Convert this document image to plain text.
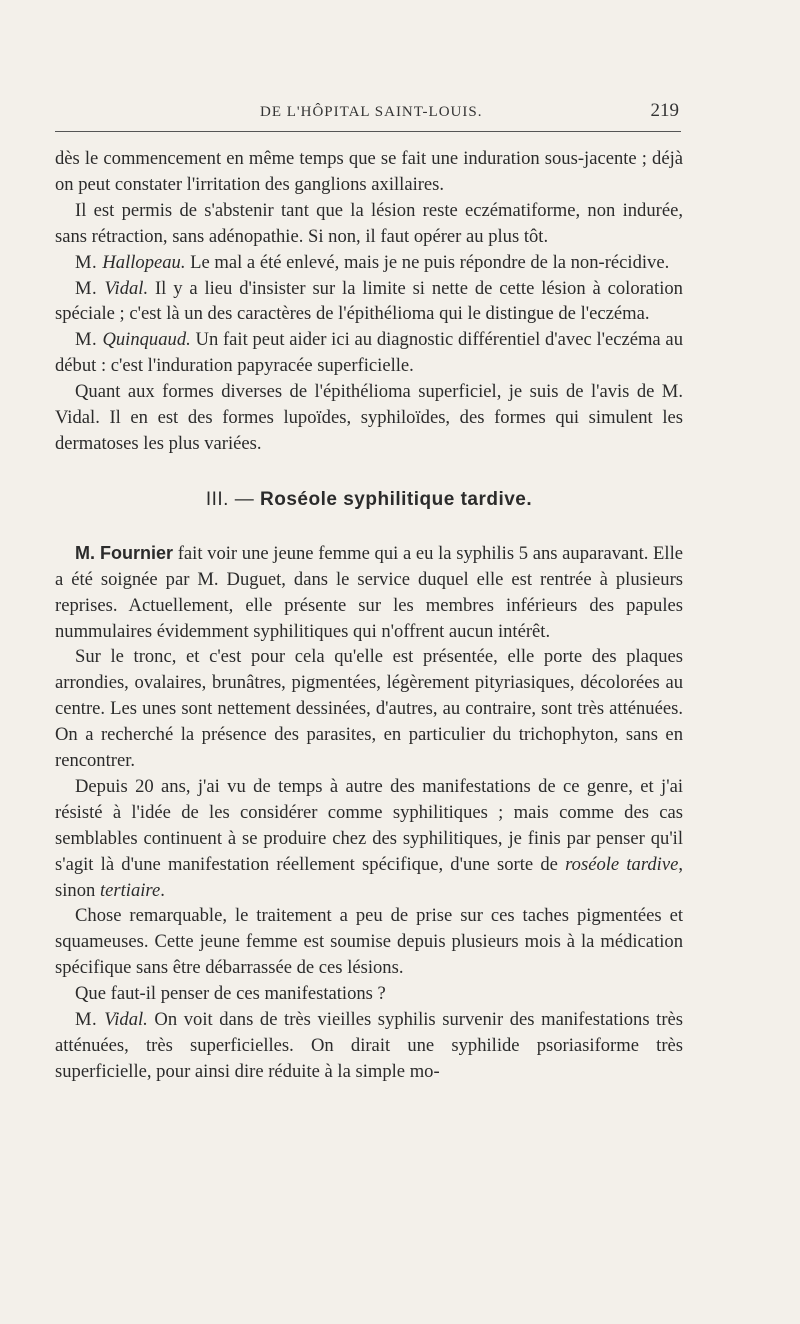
DE L'HÔPITAL SAINT-LOUIS.	219

dès le commencement en même temps que se fait une induration sous-jacente ; déjà on peut constater l'irritation des ganglions axillaires.

Il est permis de s'abstenir tant que la lésion reste eczématiforme, non indurée, sans rétraction, sans adénopathie. Si non, il faut opérer au plus tôt.

M. Hallopeau. Le mal a été enlevé, mais je ne puis répondre de la non-récidive.

M. Vidal. Il y a lieu d'insister sur la limite si nette de cette lésion à coloration spéciale ; c'est là un des caractères de l'épithélioma qui le distingue de l'eczéma.

M. Quinquaud. Un fait peut aider ici au diagnostic différentiel d'avec l'eczéma au début : c'est l'induration papyracée superficielle.

Quant aux formes diverses de l'épithélioma superficiel, je suis de l'avis de M. Vidal. Il en est des formes lupoïdes, syphiloïdes, des formes qui simulent les dermatoses les plus variées.

III. — Roséole syphilitique tardive.

M. Fournier fait voir une jeune femme qui a eu la syphilis 5 ans auparavant. Elle a été soignée par M. Duguet, dans le service duquel elle est rentrée à plusieurs reprises. Actuellement, elle présente sur les membres inférieurs des papules nummulaires évidemment syphilitiques qui n'offrent aucun intérêt.

Sur le tronc, et c'est pour cela qu'elle est présentée, elle porte des plaques arrondies, ovalaires, brunâtres, pigmentées, légèrement pityriasiques, décolorées au centre. Les unes sont nettement dessinées, d'autres, au contraire, sont très atténuées. On a recherché la présence des parasites, en particulier du trichophyton, sans en rencontrer.

Depuis 20 ans, j'ai vu de temps à autre des manifestations de ce genre, et j'ai résisté à l'idée de les considérer comme syphilitiques ; mais comme des cas semblables continuent à se produire chez des syphilitiques, je finis par penser qu'il s'agit là d'une manifestation réellement spécifique, d'une sorte de roséole tardive, sinon tertiaire.

Chose remarquable, le traitement a peu de prise sur ces taches pigmentées et squameuses. Cette jeune femme est soumise depuis plusieurs mois à la médication spécifique sans être débarrassée de ces lésions.

Que faut-il penser de ces manifestations ?

M. Vidal. On voit dans de très vieilles syphilis survenir des manifestations très atténuées, très superficielles. On dirait une syphilide psoriasiforme très superficielle, pour ainsi dire réduite à la simple mo-
